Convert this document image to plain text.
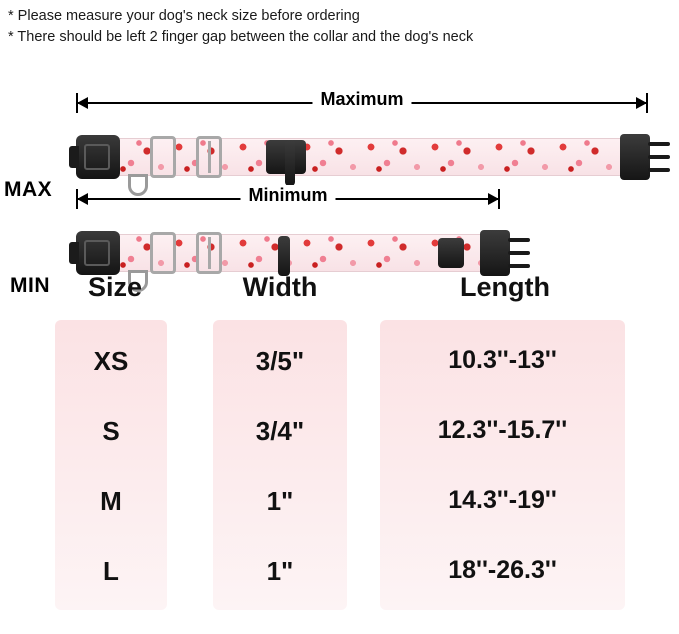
* Please measure your dog's neck size before ordering
* There should be left 2 finger gap between the collar and the dog's neck
MAX
Maximum
MIN
Minimum
Size	Width	Length
XS
S
M
L
3/5"
3/4"
1"
1"
10.3''-13''
12.3''-15.7''
14.3''-19''
18''-26.3''
